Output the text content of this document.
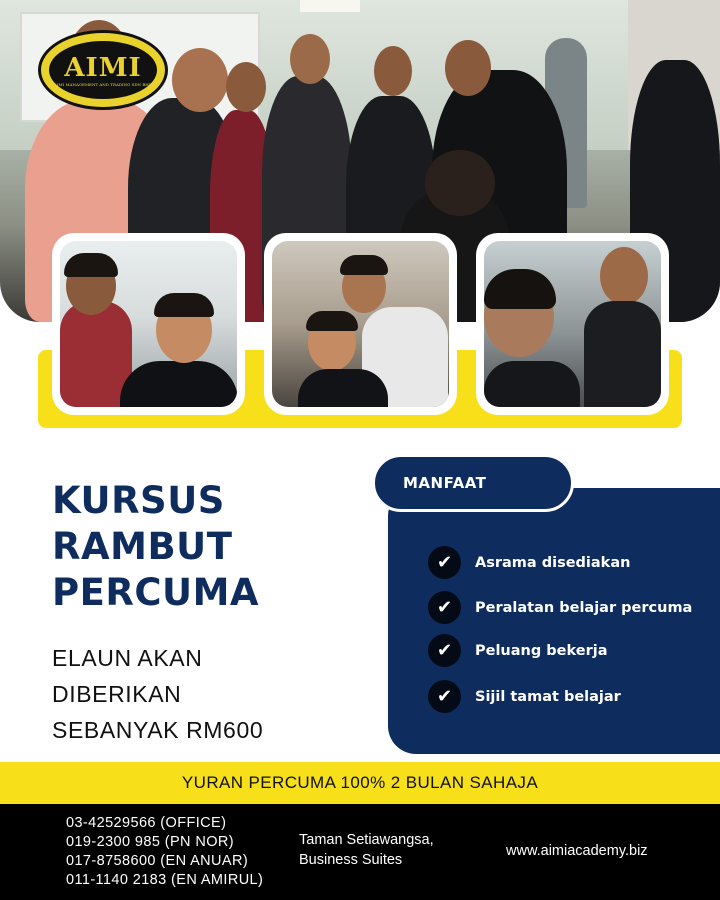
AIMI
AIMI MANAGEMENT AND TRADING SDN BHD
KURSUS
RAMBUT
PERCUMA
ELAUN AKAN
DIBERIKAN
SEBANYAK RM600
MANFAAT
✔	Asrama disediakan
✔	Peralatan belajar percuma
✔	Peluang bekerja
✔	Sijil tamat belajar
YURAN PERCUMA 100% 2 BULAN SAHAJA
03-42529566 (OFFICE)
019-2300 985 (PN NOR)
017-8758600 (EN ANUAR)
011-1140 2183 (EN AMIRUL)
Taman Setiawangsa,
Business Suites
www.aimiacademy.biz
